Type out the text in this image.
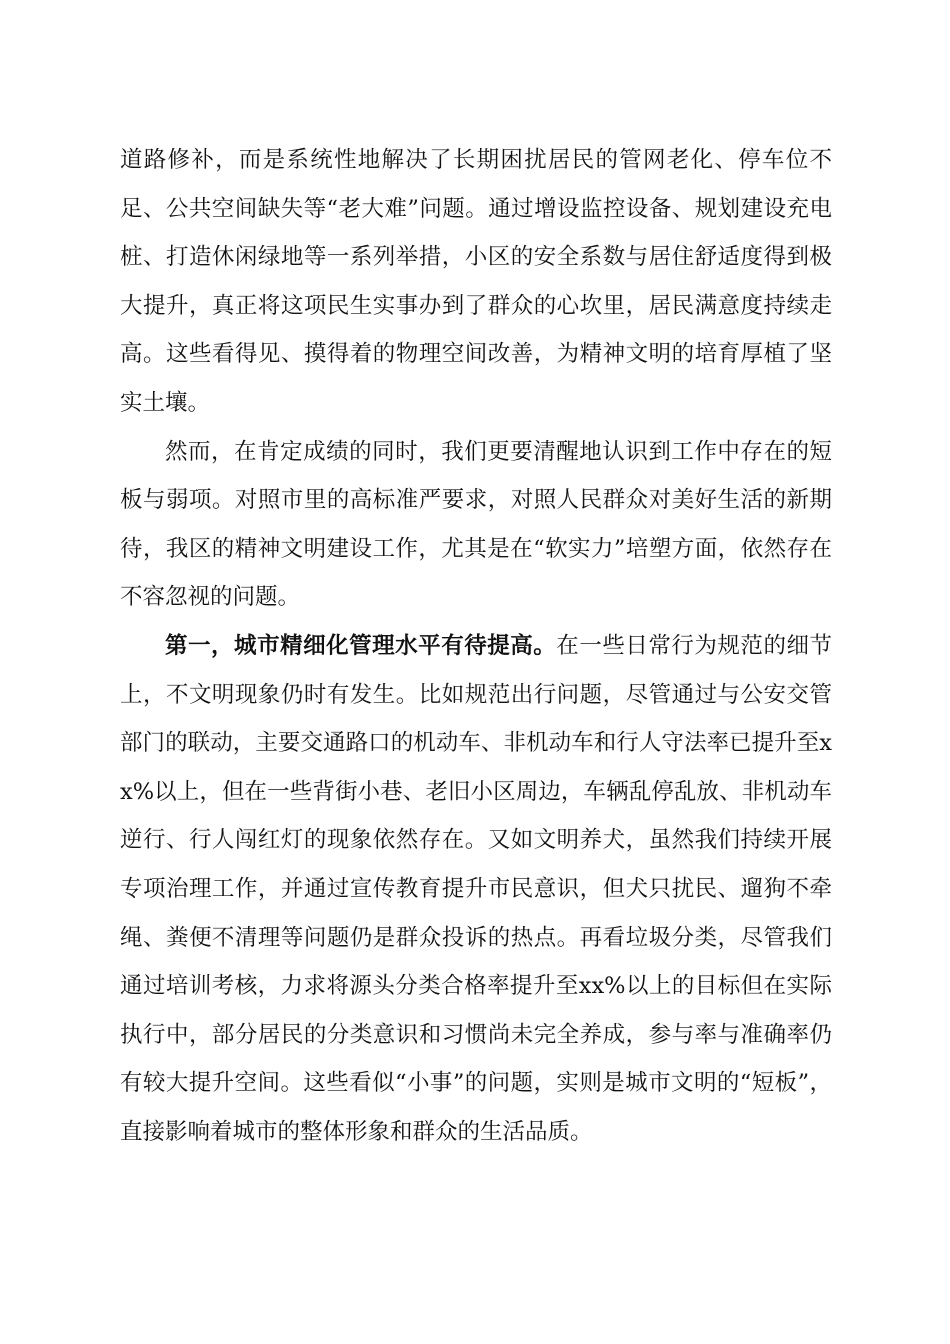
道路修补，而是系统性地解决了长期困扰居民的管网老化、停车位不足、公共空间缺失等“老大难”问题。通过增设监控设备、规划建设充电桩、打造休闲绿地等一系列举措，小区的安全系数与居住舒适度得到极大提升，真正将这项民生实事办到了群众的心坎里，居民满意度持续走高。这些看得见、摸得着的物理空间改善，为精神文明的培育厚植了坚实土壤。

然而，在肯定成绩的同时，我们更要清醒地认识到工作中存在的短板与弱项。对照市里的高标准严要求，对照人民群众对美好生活的新期待，我区的精神文明建设工作，尤其是在“软实力”培塑方面，依然存在不容忽视的问题。

第一，城市精细化管理水平有待提高。在一些日常行为规范的细节上，不文明现象仍时有发生。比如规范出行问题，尽管通过与公安交管部门的联动，主要交通路口的机动车、非机动车和行人守法率已提升至xx%以上，但在一些背街小巷、老旧小区周边，车辆乱停乱放、非机动车逆行、行人闯红灯的现象依然存在。又如文明养犬，虽然我们持续开展专项治理工作，并通过宣传教育提升市民意识，但犬只扰民、遛狗不牵绳、粪便不清理等问题仍是群众投诉的热点。再看垃圾分类，尽管我们通过培训考核，力求将源头分类合格率提升至xx%以上的目标但在实际执行中，部分居民的分类意识和习惯尚未完全养成，参与率与准确率仍有较大提升空间。这些看似“小事”的问题，实则是城市文明的“短板”，直接影响着城市的整体形象和群众的生活品质。
